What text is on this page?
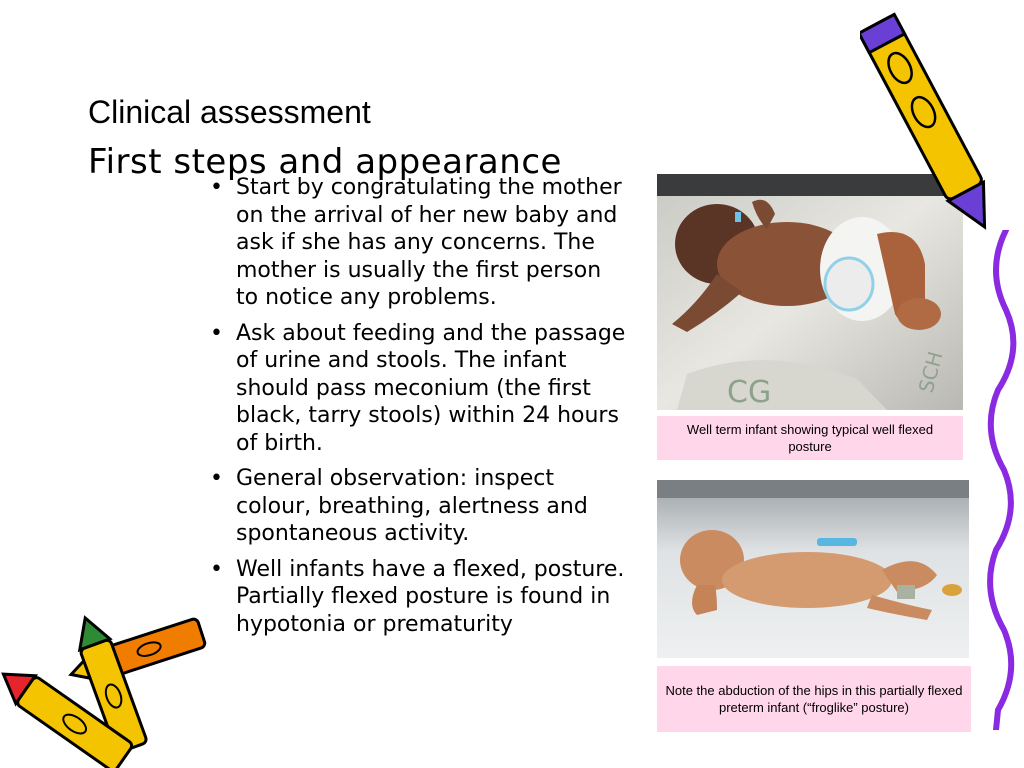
Clinical assessment
First steps and appearance
• Start by congratulating the mother on the arrival of her new baby and ask if she has any concerns. The mother is usually the first person to notice any problems.
• Ask about feeding and the passage of urine and stools. The infant should pass meconium (the first black, tarry stools) within 24 hours of birth.
• General observation: inspect colour, breathing, alertness and spontaneous activity.
• Well infants have a flexed, posture. Partially flexed posture is found in hypotonia or prematurity
CG	SCH
Well term infant showing typical well flexed posture
Note the abduction of the hips in this partially flexed preterm infant (“froglike” posture)
